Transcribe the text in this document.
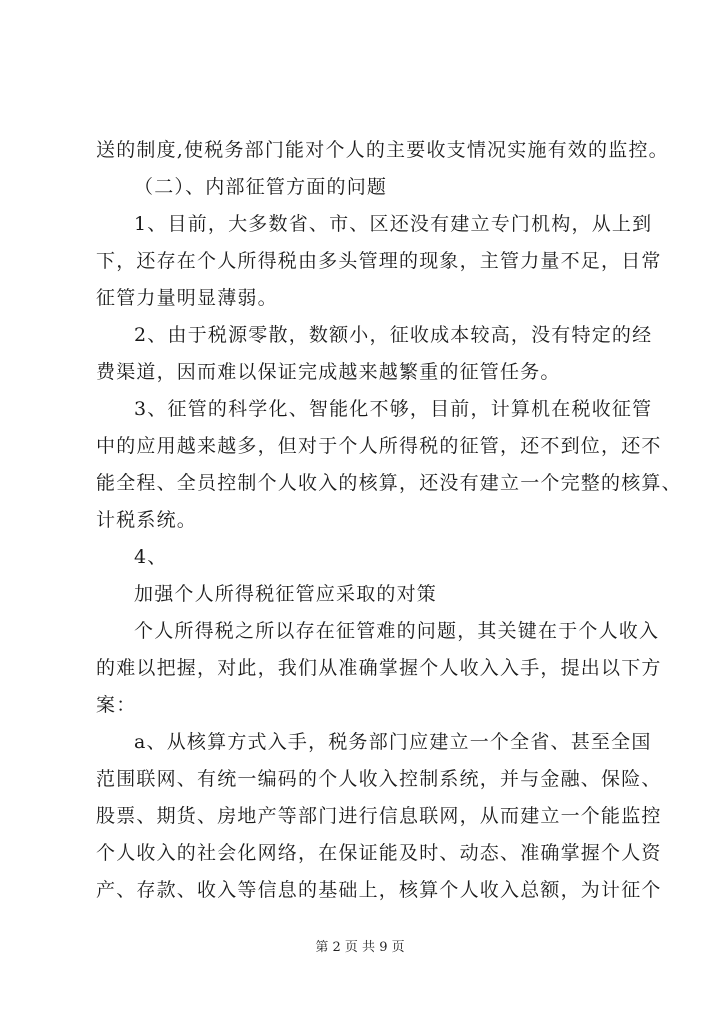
送的制度,使税务部门能对个人的主要收支情况实施有效的监控。
（二）、内部征管方面的问题
1、目前，大多数省、市、区还没有建立专门机构，从上到
下，还存在个人所得税由多头管理的现象，主管力量不足，日常
征管力量明显薄弱。
2、由于税源零散，数额小，征收成本较高，没有特定的经
费渠道，因而难以保证完成越来越繁重的征管任务。
3、征管的科学化、智能化不够，目前，计算机在税收征管
中的应用越来越多，但对于个人所得税的征管，还不到位，还不
能全程、全员控制个人收入的核算，还没有建立一个完整的核算、
计税系统。
4、
加强个人所得税征管应采取的对策
个人所得税之所以存在征管难的问题，其关键在于个人收入
的难以把握，对此，我们从准确掌握个人收入入手，提出以下方
案：
a、从核算方式入手，税务部门应建立一个全省、甚至全国
范围联网、有统一编码的个人收入控制系统，并与金融、保险、
股票、期货、房地产等部门进行信息联网，从而建立一个能监控
个人收入的社会化网络，在保证能及时、动态、准确掌握个人资
产、存款、收入等信息的基础上，核算个人收入总额，为计征个
第 2 页 共 9 页
